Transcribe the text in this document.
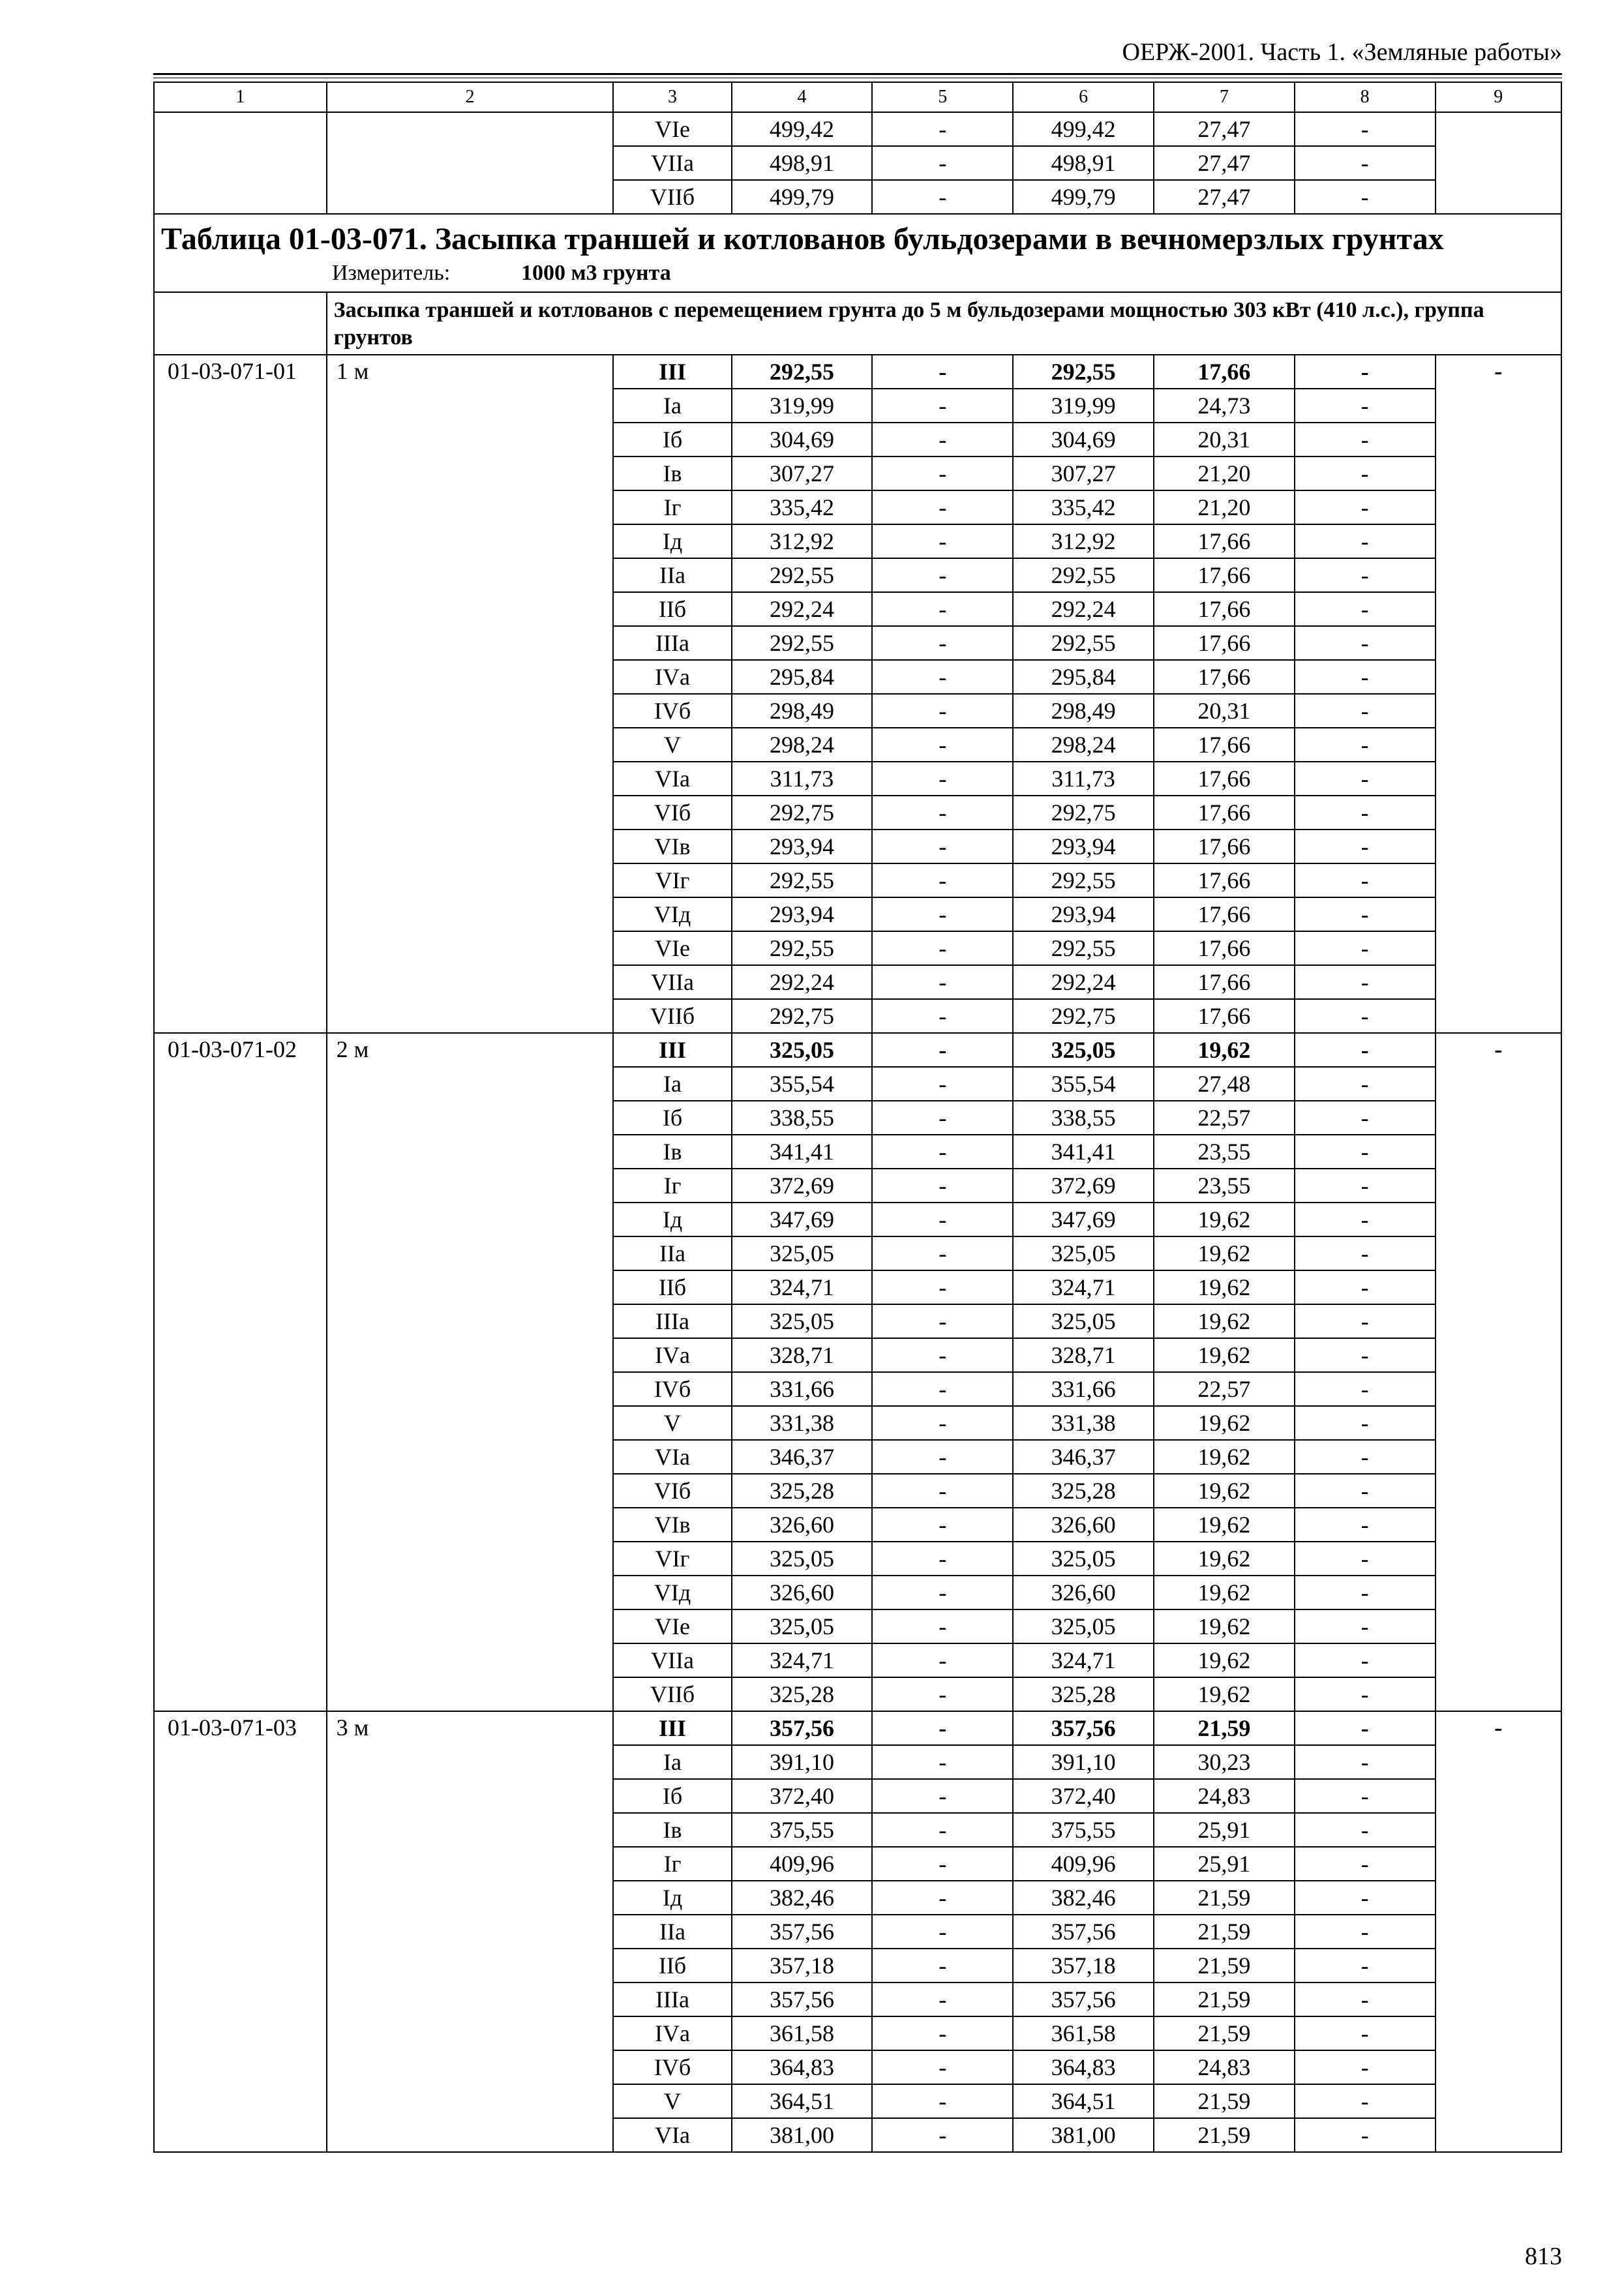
ОЕРЖ-2001. Часть 1. «Земляные работы»
1	2	3	4	5	6	7	8	9
		VIе	499,42	-	499,42	27,47	-	
		VIIа	498,91	-	498,91	27,47	-	
		VIIб	499,79	-	499,79	27,47	-	

Таблица 01-03-071. Засыпка траншей и котлованов бульдозерами в вечномерзлых грунтах
Измеритель: 1000 м3 грунта								

	Засыпка траншей и котлованов с перемещением грунта до 5 м бульдозерами мощностью 303 кВт (410 л.с.), группа грунтов							
01-03-071-01	1 м	III	292,55	-	292,55	17,66	-	-
		Iа	319,99	-	319,99	24,73	-	
		Iб	304,69	-	304,69	20,31	-	
		Iв	307,27	-	307,27	21,20	-	
		Iг	335,42	-	335,42	21,20	-	
		Iд	312,92	-	312,92	17,66	-	
		IIа	292,55	-	292,55	17,66	-	
		IIб	292,24	-	292,24	17,66	-	
		IIIа	292,55	-	292,55	17,66	-	
		IVа	295,84	-	295,84	17,66	-	
		IVб	298,49	-	298,49	20,31	-	
		V	298,24	-	298,24	17,66	-	
		VIа	311,73	-	311,73	17,66	-	
		VIб	292,75	-	292,75	17,66	-	
		VIв	293,94	-	293,94	17,66	-	
		VIг	292,55	-	292,55	17,66	-	
		VIд	293,94	-	293,94	17,66	-	
		VIе	292,55	-	292,55	17,66	-	
		VIIа	292,24	-	292,24	17,66	-	
		VIIб	292,75	-	292,75	17,66	-	
01-03-071-02	2 м	III	325,05	-	325,05	19,62	-	-
		Iа	355,54	-	355,54	27,48	-	
		Iб	338,55	-	338,55	22,57	-	
		Iв	341,41	-	341,41	23,55	-	
		Iг	372,69	-	372,69	23,55	-	
		Iд	347,69	-	347,69	19,62	-	
		IIа	325,05	-	325,05	19,62	-	
		IIб	324,71	-	324,71	19,62	-	
		IIIа	325,05	-	325,05	19,62	-	
		IVа	328,71	-	328,71	19,62	-	
		IVб	331,66	-	331,66	22,57	-	
		V	331,38	-	331,38	19,62	-	
		VIа	346,37	-	346,37	19,62	-	
		VIб	325,28	-	325,28	19,62	-	
		VIв	326,60	-	326,60	19,62	-	
		VIг	325,05	-	325,05	19,62	-	
		VIд	326,60	-	326,60	19,62	-	
		VIе	325,05	-	325,05	19,62	-	
		VIIа	324,71	-	324,71	19,62	-	
		VIIб	325,28	-	325,28	19,62	-	
01-03-071-03	3 м	III	357,56	-	357,56	21,59	-	-
		Iа	391,10	-	391,10	30,23	-	
		Iб	372,40	-	372,40	24,83	-	
		Iв	375,55	-	375,55	25,91	-	
		Iг	409,96	-	409,96	25,91	-	
		Iд	382,46	-	382,46	21,59	-	
		IIа	357,56	-	357,56	21,59	-	
		IIб	357,18	-	357,18	21,59	-	
		IIIа	357,56	-	357,56	21,59	-	
		IVа	361,58	-	361,58	21,59	-	
		IVб	364,83	-	364,83	24,83	-	
		V	364,51	-	364,51	21,59	-	
		VIа	381,00	-	381,00	21,59	-	
813
